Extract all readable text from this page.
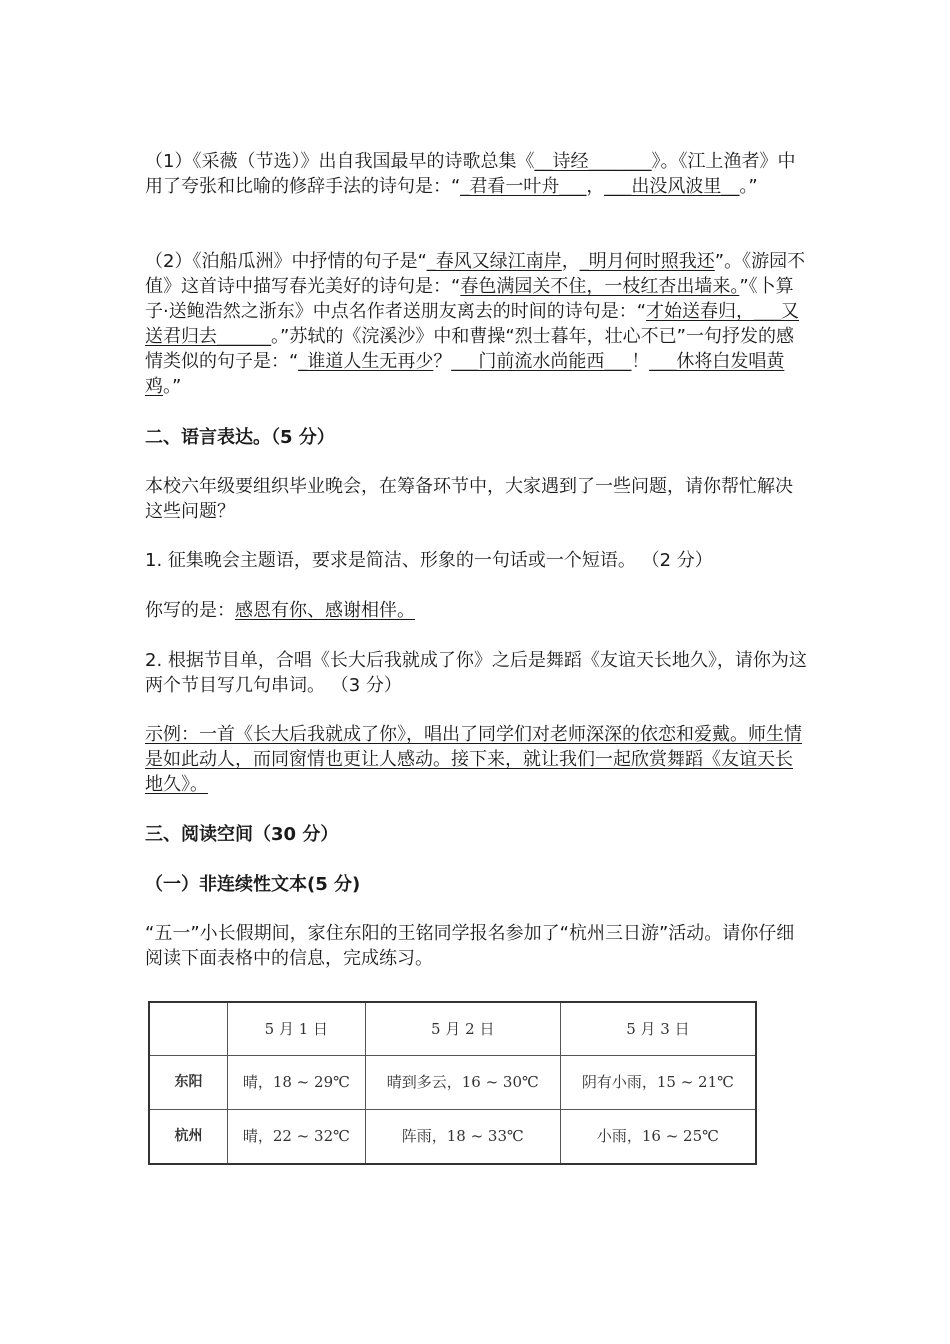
（1）《采薇（节选）》出自我国最早的诗歌总集《__诗经_______》。《江上渔者》中用了夸张和比喻的修辞手法的诗句是：“_君看一叶舟___，___出没风波里__。”
（2）《泊船瓜洲》中抒情的句子是“_春风又绿江南岸，_明月何时照我还”。《游园不值》这首诗中描写春光美好的诗句是：“春色满园关不住，一枝红杏出墙来。”《卜算子·送鲍浩然之浙东》中点名作者送朋友离去的时间的诗句是：“才始送春归，___又送君归去______。”苏轼的《浣溪沙》中和曹操“烈士暮年，壮心不已”一句抒发的感情类似的句子是：“_谁道人生无再少？___门前流水尚能西___！___休将白发唱黄鸡。”
二、语言表达。（5 分）
本校六年级要组织毕业晚会，在筹备环节中，大家遇到了一些问题，请你帮忙解决这些问题？
1. 征集晚会主题语，要求是简洁、形象的一句话或一个短语。 （2 分）
你写的是：感恩有你、感谢相伴。
2. 根据节目单，合唱《长大后我就成了你》之后是舞蹈《友谊天长地久》，请你为这两个节目写几句串词。 （3 分）
示例：一首《长大后我就成了你》，唱出了同学们对老师深深的依恋和爱戴。师生情是如此动人，而同窗情也更让人感动。接下来，就让我们一起欣赏舞蹈《友谊天长地久》。
三、阅读空间（30 分）
（一）非连续性文本(5 分)
“五一”小长假期间，家住东阳的王铭同学报名参加了“杭州三日游”活动。请你仔细阅读下面表格中的信息，完成练习。
	5 月 1 日	5 月 2 日	5 月 3 日
东阳	晴，18 ~ 29℃	晴到多云，16 ~ 30℃	阴有小雨，15 ~ 21℃
杭州	晴，22 ~ 32℃	阵雨，18 ~ 33℃	小雨，16 ~ 25℃
